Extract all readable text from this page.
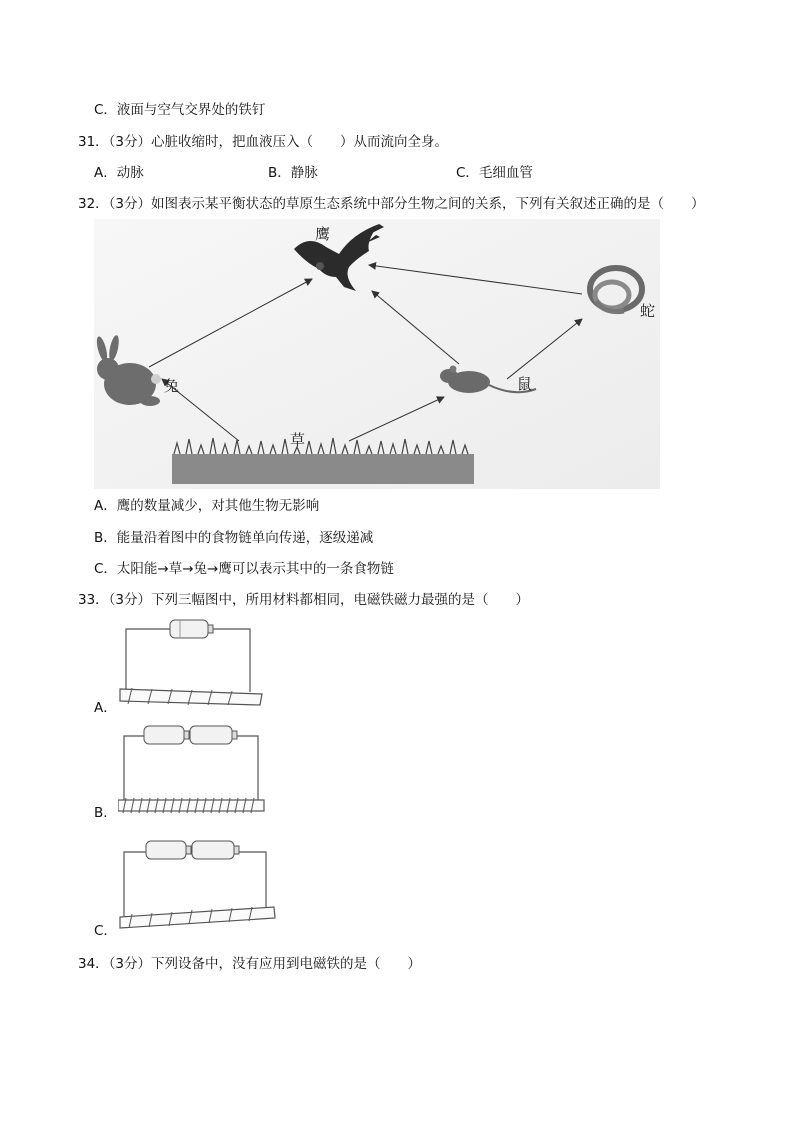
C．液面与空气交界处的铁钉
31．（3分）心脏收缩时，把血液压入（　　）从而流向全身。
A．动脉	B．静脉	C．毛细血管
32．（3分）如图表示某平衡状态的草原生态系统中部分生物之间的关系，下列有关叙述正确的是（　　）
鹰
蛇
兔	鼠
草
A．鹰的数量减少，对其他生物无影响
B．能量沿着图中的食物链单向传递，逐级递减
C．太阳能→草→兔→鹰可以表示其中的一条食物链
33．（3分）下列三幅图中，所用材料都相同，电磁铁磁力最强的是（　　）
A．
B．
C．
34．（3分）下列设备中，没有应用到电磁铁的是（　　）
